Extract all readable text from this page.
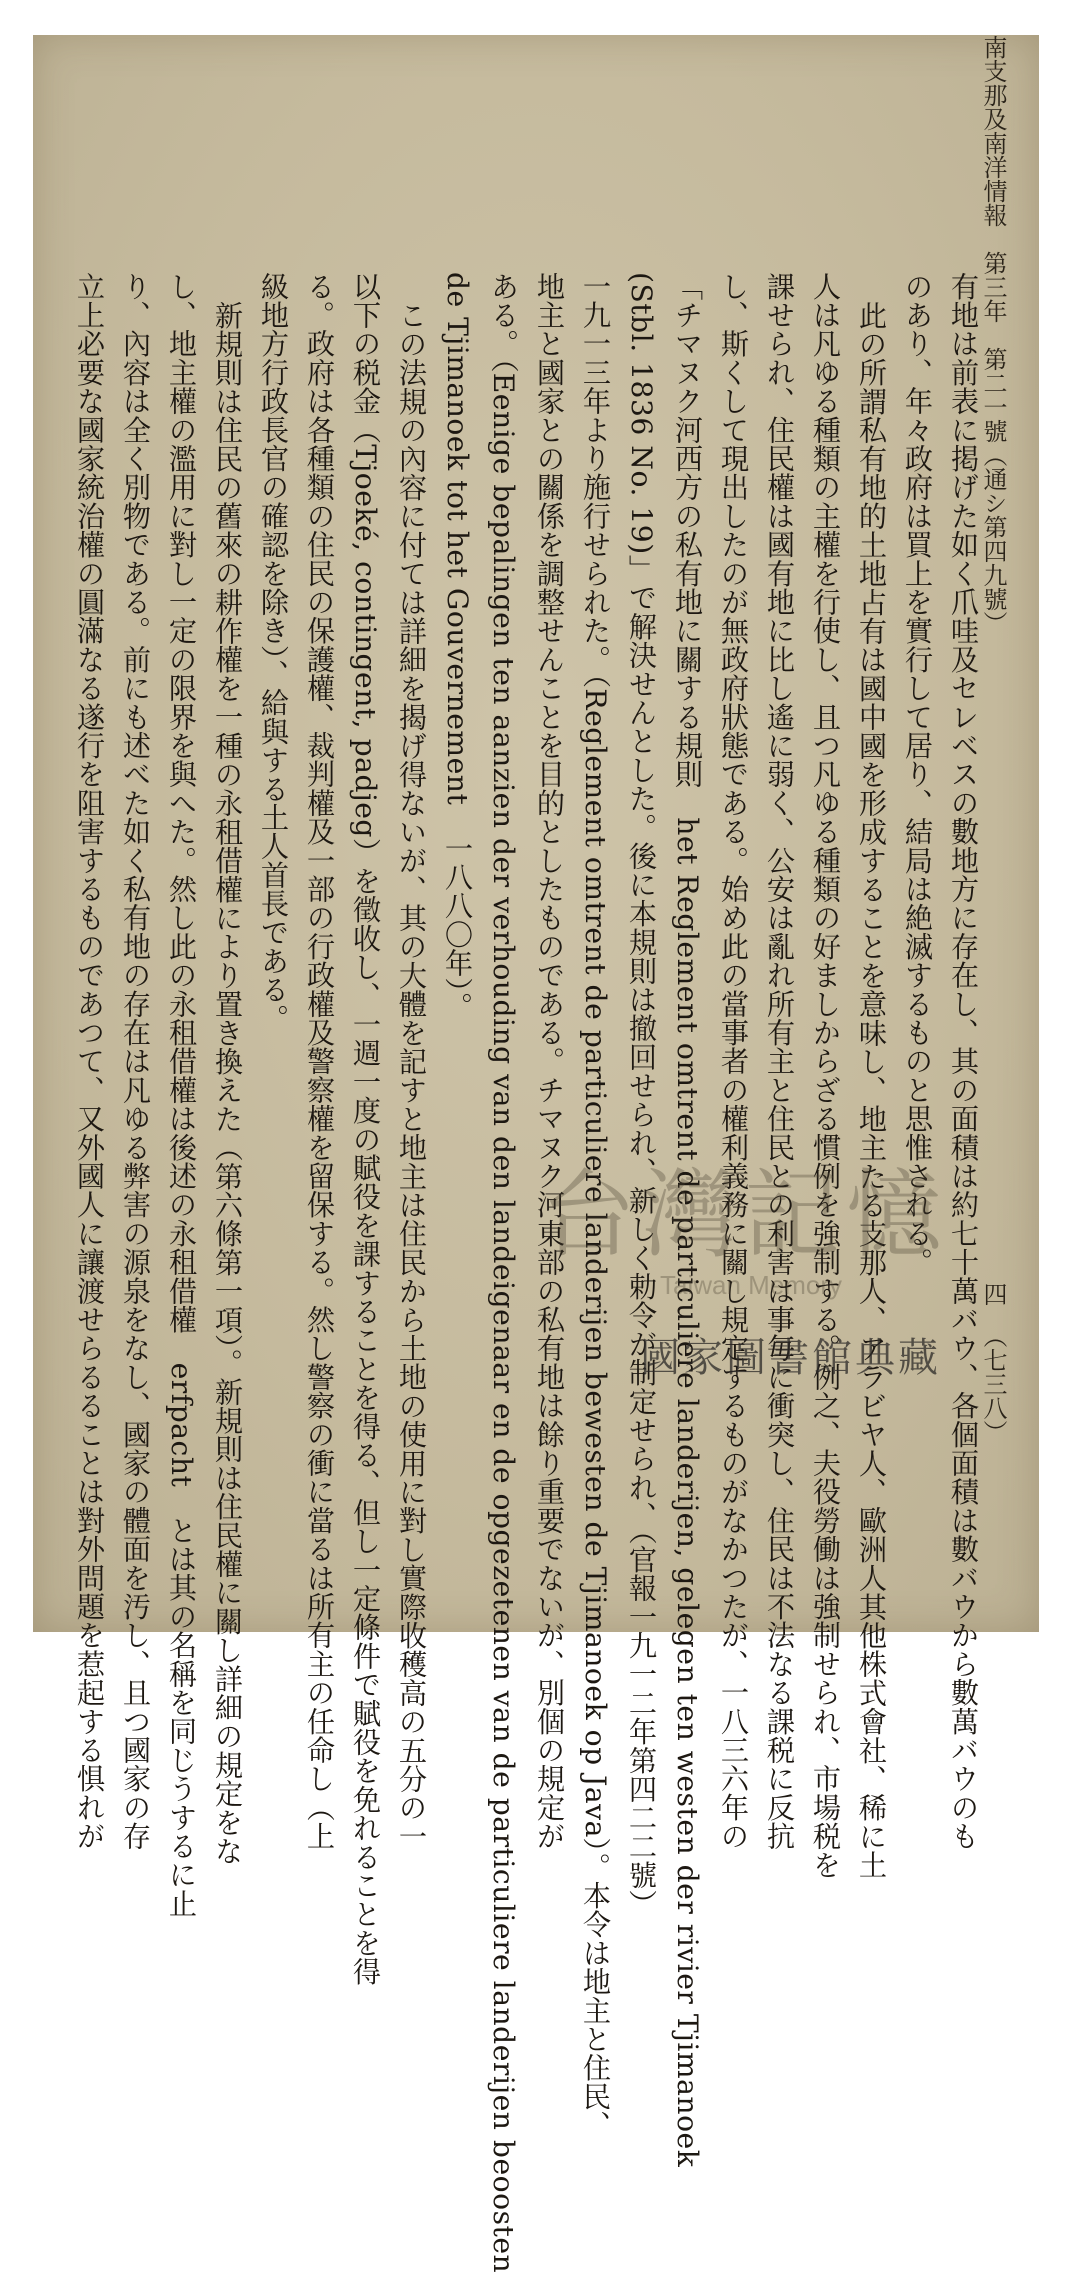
南支那及南洋情報　第三年　第二一號（通シ第四九號）
四（七三八）
有地は前表に掲げた如く爪哇及セレベスの數地方に存在し、其の面積は約七十萬バウ、各個面積は數バウから數萬バウのも
のあり、年々政府は買上を實行して居り、結局は絶滅するものと思惟される。
此の所謂私有地的土地占有は國中國を形成することを意味し、地主たる支那人、アラビヤ人、歐洲人其他株式會社、稀に土
人は凡ゆる種類の主權を行使し、且つ凡ゆる種類の好ましからざる慣例を強制する。例之、夫役勞働は強制せられ、市場税を
課せられ、住民權は國有地に比し遙に弱く、公安は亂れ所有主と住民との利害は事毎に衝突し、住民は不法なる課税に反抗
し、斯くして現出したのが無政府狀態である。始め此の當事者の權利義務に關し規定するものがなかつたが、一八三六年の
「チマヌク河西方の私有地に關する規則　het Reglement omtrent de particuliere landerijen, gelegen ten westen der rivier Tjimanoek
(Stbl. 1836 No. 19)」で解決せんとした。後に本規則は撤回せられ、新しく勅令が制定せられ、（官報一九一二年第四二二號）
一九一三年より施行せられた。（Reglement omtrent de particuliere landerijen bewesten de Tjimanoek op Java）。本令は地主と住民、
地主と國家との關係を調整せんことを目的としたものである。チマヌク河東部の私有地は餘り重要でないが、別個の規定が
ある。（Eenige bepalingen ten aanzien der verhouding van den landeigenaar en de opgezetenen van de particuliere landerijen beoosten
de Tjimanoek tot het Gouvernement　一八八〇年）。
この法規の內容に付ては詳細を揭げ得ないが、其の大體を記すと地主は住民から土地の使用に對し實際收穫高の五分の一
以下の税金（Tjoeké, contingent, padjeg）を徵收し、一週一度の賦役を課することを得る、但し一定條件で賦役を免れることを得
る。政府は各種類の住民の保護權、裁判權及一部の行政權及警察權を留保する。然し警察の衝に當るは所有主の任命し（上
級地方行政長官の確認を除き）、給與する土人首長である。
新規則は住民の舊來の耕作權を一種の永租借權により置き換えた（第六條第一項）。新規則は住民權に關し詳細の規定をな
し、地主權の濫用に對し一定の限界を與へた。然し此の永租借權は後述の永租借權　erfpacht　とは其の名稱を同じうするに止
り、內容は全く別物である。前にも述べた如く私有地の存在は凡ゆる弊害の源泉をなし、國家の體面を汚し、且つ國家の存
立上必要な國家統治權の圓滿なる遂行を阻害するものであつて、又外國人に讓渡せらるることは對外問題を惹起する惧れが	台灣記憶
Taiwan Memory
國家圖書館典藏
